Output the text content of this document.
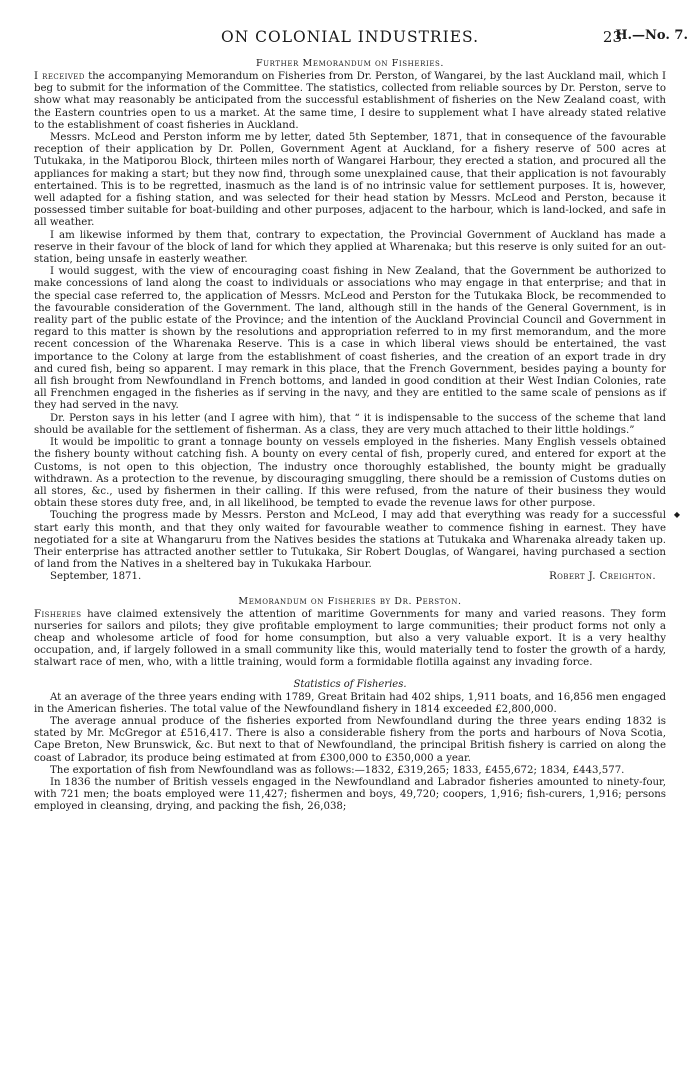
ON COLONIAL INDUSTRIES.	23
H.—No. 7.
Further Memorandum on Fisheries.

I received the accompanying Memorandum on Fisheries from Dr. Perston, of Wangarei, by the last Auckland mail, which I beg to submit for the information of the Committee. The statistics, collected from reliable sources by Dr. Perston, serve to show what may reasonably be anticipated from the successful establishment of fisheries on the New Zealand coast, with the Eastern countries open to us a market. At the same time, I desire to supplement what I have already stated relative to the establishment of coast fisheries in Auckland.

Messrs. McLeod and Perston inform me by letter, dated 5th September, 1871, that in consequence of the favourable reception of their application by Dr. Pollen, Government Agent at Auckland, for a fishery reserve of 500 acres at Tutukaka, in the Matiporou Block, thirteen miles north of Wangarei Harbour, they erected a station, and procured all the appliances for making a start; but they now find, through some unexplained cause, that their application is not favourably entertained. This is to be regretted, inasmuch as the land is of no intrinsic value for settlement purposes. It is, however, well adapted for a fishing station, and was selected for their head station by Messrs. McLeod and Perston, because it possessed timber suitable for boat-building and other purposes, adjacent to the harbour, which is land-locked, and safe in all weather.

I am likewise informed by them that, contrary to expectation, the Provincial Government of Auckland has made a reserve in their favour of the block of land for which they applied at Wharenaka; but this reserve is only suited for an out-station, being unsafe in easterly weather.

I would suggest, with the view of encouraging coast fishing in New Zealand, that the Government be authorized to make concessions of land along the coast to individuals or associations who may engage in that enterprise; and that in the special case referred to, the application of Messrs. McLeod and Perston for the Tutukaka Block, be recommended to the favourable consideration of the Government. The land, although still in the hands of the General Government, is in reality part of the public estate of the Province; and the intention of the Auckland Provincial Council and Government in regard to this matter is shown by the resolutions and appropriation referred to in my first memorandum, and the more recent concession of the Wharenaka Reserve. This is a case in which liberal views should be entertained, the vast importance to the Colony at large from the establishment of coast fisheries, and the creation of an export trade in dry and cured fish, being so apparent. I may remark in this place, that the French Government, besides paying a bounty for all fish brought from Newfoundland in French bottoms, and landed in good condition at their West Indian Colonies, rate all Frenchmen engaged in the fisheries as if serving in the navy, and they are entitled to the same scale of pensions as if they had served in the navy.

Dr. Perston says in his letter (and I agree with him), that “ it is indispensable to the success of the scheme that land should be available for the settlement of fisherman. As a class, they are very much attached to their little holdings.”

It would be impolitic to grant a tonnage bounty on vessels employed in the fisheries. Many English vessels obtained the fishery bounty without catching fish. A bounty on every cental of fish, properly cured, and entered for export at the Customs, is not open to this objection, The industry once thoroughly established, the bounty might be gradually withdrawn. As a protection to the revenue, by discouraging smuggling, there should be a remission of Customs duties on all stores, &c., used by fishermen in their calling. If this were refused, from the nature of their business they would obtain these stores duty free, and, in all likelihood, be tempted to evade the revenue laws for other purpose.

Touching the progress made by Messrs. Perston and McLeod, I may add that everything was ready for a successful start early this month, and that they only waited for favourable weather to commence fishing in earnest. They have negotiated for a site at Whangaruru from the Natives besides the stations at Tutukaka and Wharenaka already taken up. Their enterprise has attracted another settler to Tutukaka, Sir Robert Douglas, of Wangarei, having purchased a section of land from the Natives in a sheltered bay in Tukukaka Harbour.

September, 1871.	Robert J. Creighton.
Memorandum on Fisheries by Dr. Perston.

Fisheries have claimed extensively the attention of maritime Governments for many and varied reasons. They form nurseries for sailors and pilots; they give profitable employment to large communities; their product forms not only a cheap and wholesome article of food for home consumption, but also a very valuable export. It is a very healthy occupation, and, if largely followed in a small community like this, would materially tend to foster the growth of a hardy, stalwart race of men, who, with a little training, would form a formidable flotilla against any invading force.

Statistics of Fisheries.

At an average of the three years ending with 1789, Great Britain had 402 ships, 1,911 boats, and 16,856 men engaged in the American fisheries. The total value of the Newfoundland fishery in 1814 exceeded £2,800,000.

The average annual produce of the fisheries exported from Newfoundland during the three years ending 1832 is stated by Mr. McGregor at £516,417. There is also a considerable fishery from the ports and harbours of Nova Scotia, Cape Breton, New Brunswick, &c. But next to that of Newfoundland, the principal British fishery is carried on along the coast of Labrador, its produce being estimated at from £300,000 to £350,000 a year.

The exportation of fish from Newfoundland was as follows:—1832, £319,265; 1833, £455,672; 1834, £443,577.

In 1836 the number of British vessels engaged in the Newfoundland and Labrador fisheries amounted to ninety-four, with 721 men; the boats employed were 11,427; fishermen and boys, 49,720; coopers, 1,916; fish-curers, 1,916; persons employed in cleansing, drying, and packing the fish, 26,038;

◆
